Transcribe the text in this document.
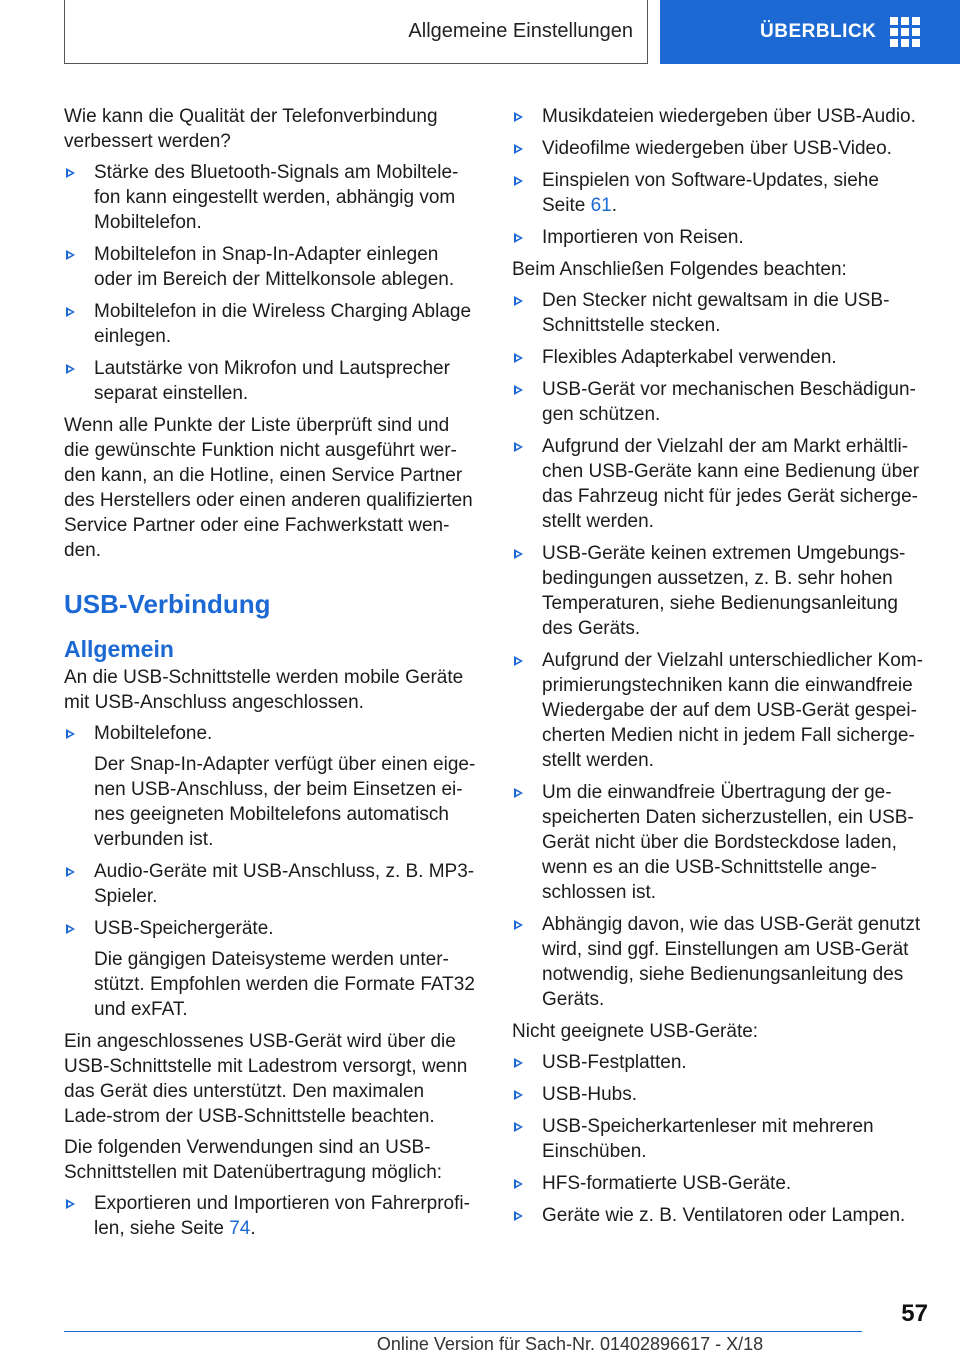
Allgemeine Einstellungen	ÜBERBLICK

Wie kann die Qualität der Telefonverbindung verbessert werden?

Stärke des Bluetooth-Signals am Mobiltele-fon kann eingestellt werden, abhängig vom Mobiltelefon.
Mobiltelefon in Snap-In-Adapter einlegen oder im Bereich der Mittelkonsole ablegen.
Mobiltelefon in die Wireless Charging Ablage einlegen.
Lautstärke von Mikrofon und Lautsprecher separat einstellen.

Wenn alle Punkte der Liste überprüft sind und die gewünschte Funktion nicht ausgeführt wer-den kann, an die Hotline, einen Service Partner des Herstellers oder einen anderen qualifizierten Service Partner oder eine Fachwerkstatt wen-den.

USB-Verbindung
Allgemein

An die USB-Schnittstelle werden mobile Geräte mit USB-Anschluss angeschlossen.

Mobiltelefone.
Der Snap-In-Adapter verfügt über einen eige-nen USB-Anschluss, der beim Einsetzen ei-nes geeigneten Mobiltelefons automatisch verbunden ist.
Audio-Geräte mit USB-Anschluss, z. B. MP3-Spieler.
USB-Speichergeräte.
Die gängigen Dateisysteme werden unter-stützt. Empfohlen werden die Formate FAT32 und exFAT.

Ein angeschlossenes USB-Gerät wird über die USB-Schnittstelle mit Ladestrom versorgt, wenn das Gerät dies unterstützt. Den maximalen Lade-strom der USB-Schnittstelle beachten.

Die folgenden Verwendungen sind an USB-Schnittstellen mit Datenübertragung möglich:

Exportieren und Importieren von Fahrerprofi-len, siehe Seite 74.
Musikdateien wiedergeben über USB-Audio.
Videofilme wiedergeben über USB-Video.
Einspielen von Software-Updates, siehe Seite 61.
Importieren von Reisen.

Beim Anschließen Folgendes beachten:

Den Stecker nicht gewaltsam in die USB-Schnittstelle stecken.
Flexibles Adapterkabel verwenden.
USB-Gerät vor mechanischen Beschädigun-gen schützen.
Aufgrund der Vielzahl der am Markt erhältli-chen USB-Geräte kann eine Bedienung über das Fahrzeug nicht für jedes Gerät sicherge-stellt werden.
USB-Geräte keinen extremen Umgebungs-bedingungen aussetzen, z. B. sehr hohen Temperaturen, siehe Bedienungsanleitung des Geräts.
Aufgrund der Vielzahl unterschiedlicher Kom-primierungstechniken kann die einwandfreie Wiedergabe der auf dem USB-Gerät gespei-cherten Medien nicht in jedem Fall sicherge-stellt werden.
Um die einwandfreie Übertragung der ge-speicherten Daten sicherzustellen, ein USB-Gerät nicht über die Bordsteckdose laden, wenn es an die USB-Schnittstelle ange-schlossen ist.
Abhängig davon, wie das USB-Gerät genutzt wird, sind ggf. Einstellungen am USB-Gerät notwendig, siehe Bedienungsanleitung des Geräts.

Nicht geeignete USB-Geräte:

USB-Festplatten.
USB-Hubs.
USB-Speicherkartenleser mit mehreren Einschüben.
HFS-formatierte USB-Geräte.
Geräte wie z. B. Ventilatoren oder Lampen.
57
Online Version für Sach-Nr. 01402896617 - X/18
